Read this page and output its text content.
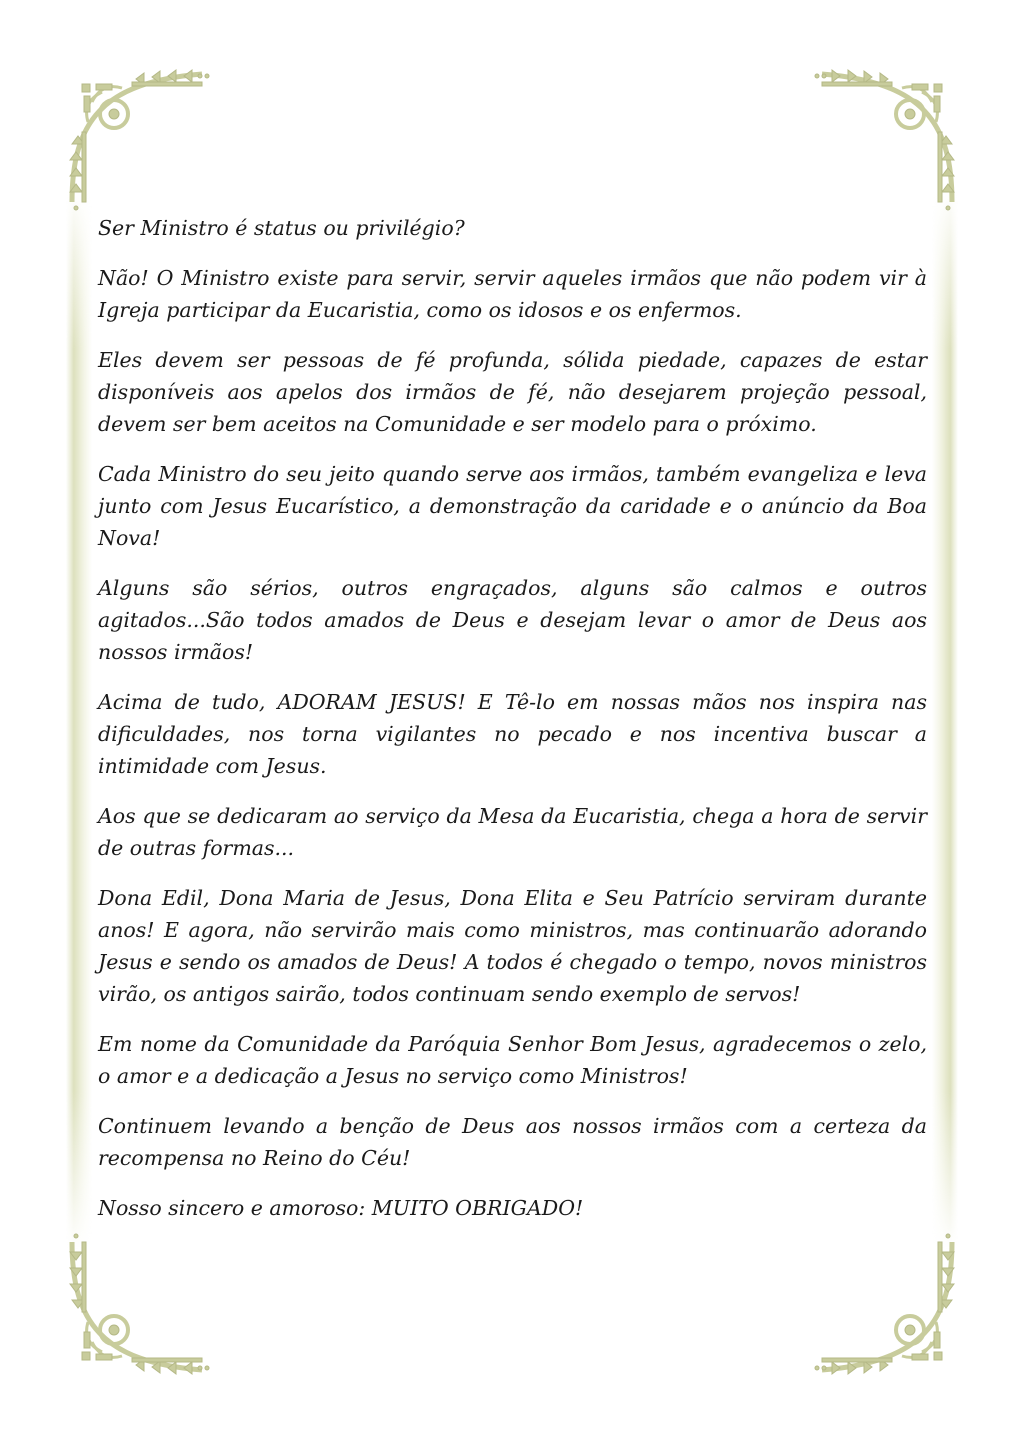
Ser Ministro é status ou privilégio?

Não! O Ministro existe para servir, servir aqueles irmãos que não podem vir à Igreja participar da Eucaristia, como os idosos e os enfermos.

Eles devem ser pessoas de fé profunda, sólida piedade, capazes de estar disponíveis aos apelos dos irmãos de fé, não desejarem projeção pessoal, devem ser bem aceitos na Comunidade e ser modelo para o próximo.

Cada Ministro do seu jeito quando serve aos irmãos, também evangeliza e leva junto com Jesus Eucarístico, a demonstração da caridade e o anúncio da Boa Nova!

Alguns são sérios, outros engraçados, alguns são calmos e outros agitados...São todos amados de Deus e desejam levar o amor de Deus aos nossos irmãos!

Acima de tudo, ADORAM JESUS! E Tê-lo em nossas mãos nos inspira nas dificuldades, nos torna vigilantes no pecado e nos incentiva buscar a intimidade com Jesus.

Aos que se dedicaram ao serviço da Mesa da Eucaristia, chega a hora de servir de outras formas...

Dona Edil, Dona Maria de Jesus, Dona Elita e Seu Patrício serviram durante anos! E agora, não servirão mais como ministros, mas continuarão adorando Jesus e sendo os amados de Deus! A todos é chegado o tempo, novos ministros virão, os antigos sairão, todos continuam sendo exemplo de servos!

Em nome da Comunidade da Paróquia Senhor Bom Jesus, agradecemos o zelo, o amor e a dedicação a Jesus no serviço como Ministros!

Continuem levando a benção de Deus aos nossos irmãos com a certeza da recompensa no Reino do Céu!

Nosso sincero e amoroso: MUITO OBRIGADO!
